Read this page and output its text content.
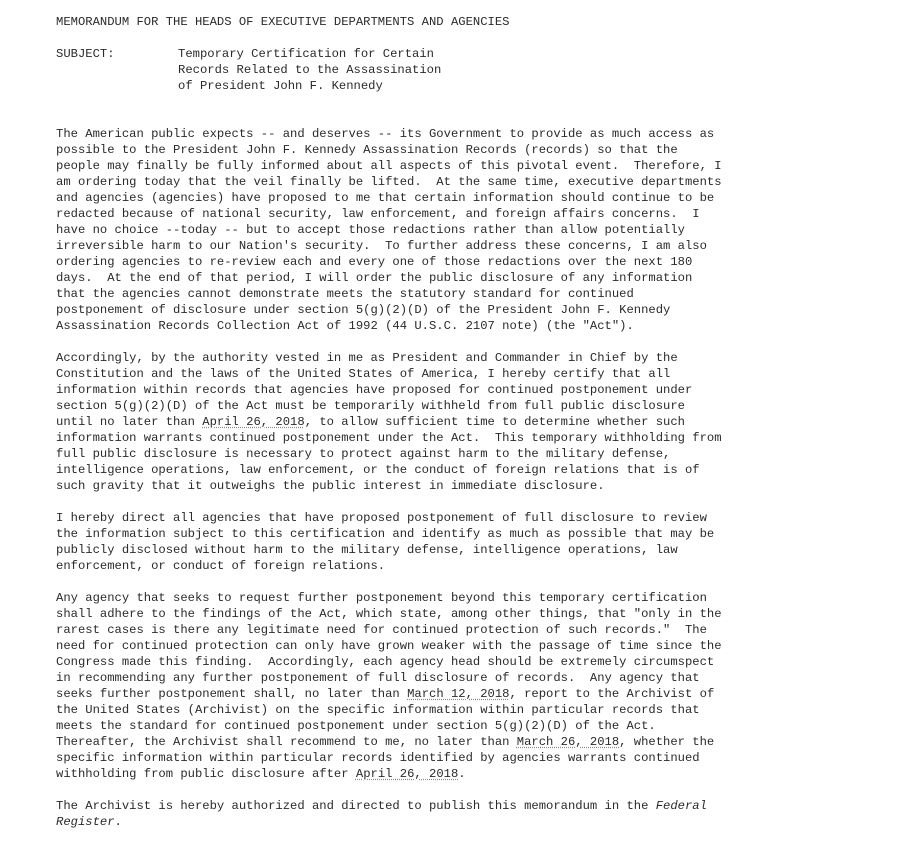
MEMORANDUM FOR THE HEADS OF EXECUTIVE DEPARTMENTS AND AGENCIES
SUBJECT:	Temporary Certification for Certain
Records Related to the Assassination
of President John F. Kennedy
The American public expects -- and deserves -- its Government to provide as much access as
possible to the President John F. Kennedy Assassination Records (records) so that the
people may finally be fully informed about all aspects of this pivotal event.  Therefore, I
am ordering today that the veil finally be lifted.  At the same time, executive departments
and agencies (agencies) have proposed to me that certain information should continue to be
redacted because of national security, law enforcement, and foreign affairs concerns.  I
have no choice --today -- but to accept those redactions rather than allow potentially
irreversible harm to our Nation's security.  To further address these concerns, I am also
ordering agencies to re-review each and every one of those redactions over the next 180
days.  At the end of that period, I will order the public disclosure of any information
that the agencies cannot demonstrate meets the statutory standard for continued
postponement of disclosure under section 5(g)(2)(D) of the President John F. Kennedy
Assassination Records Collection Act of 1992 (44 U.S.C. 2107 note) (the "Act").
Accordingly, by the authority vested in me as President and Commander in Chief by the
Constitution and the laws of the United States of America, I hereby certify that all
information within records that agencies have proposed for continued postponement under
section 5(g)(2)(D) of the Act must be temporarily withheld from full public disclosure
until no later than April 26, 2018, to allow sufficient time to determine whether such
information warrants continued postponement under the Act.  This temporary withholding from
full public disclosure is necessary to protect against harm to the military defense,
intelligence operations, law enforcement, or the conduct of foreign relations that is of
such gravity that it outweighs the public interest in immediate disclosure.
I hereby direct all agencies that have proposed postponement of full disclosure to review
the information subject to this certification and identify as much as possible that may be
publicly disclosed without harm to the military defense, intelligence operations, law
enforcement, or conduct of foreign relations.
Any agency that seeks to request further postponement beyond this temporary certification
shall adhere to the findings of the Act, which state, among other things, that "only in the
rarest cases is there any legitimate need for continued protection of such records."  The
need for continued protection can only have grown weaker with the passage of time since the
Congress made this finding.  Accordingly, each agency head should be extremely circumspect
in recommending any further postponement of full disclosure of records.  Any agency that
seeks further postponement shall, no later than March 12, 2018, report to the Archivist of
the United States (Archivist) on the specific information within particular records that
meets the standard for continued postponement under section 5(g)(2)(D) of the Act.
Thereafter, the Archivist shall recommend to me, no later than March 26, 2018, whether the
specific information within particular records identified by agencies warrants continued
withholding from public disclosure after April 26, 2018.
The Archivist is hereby authorized and directed to publish this memorandum in the Federal
Register.
